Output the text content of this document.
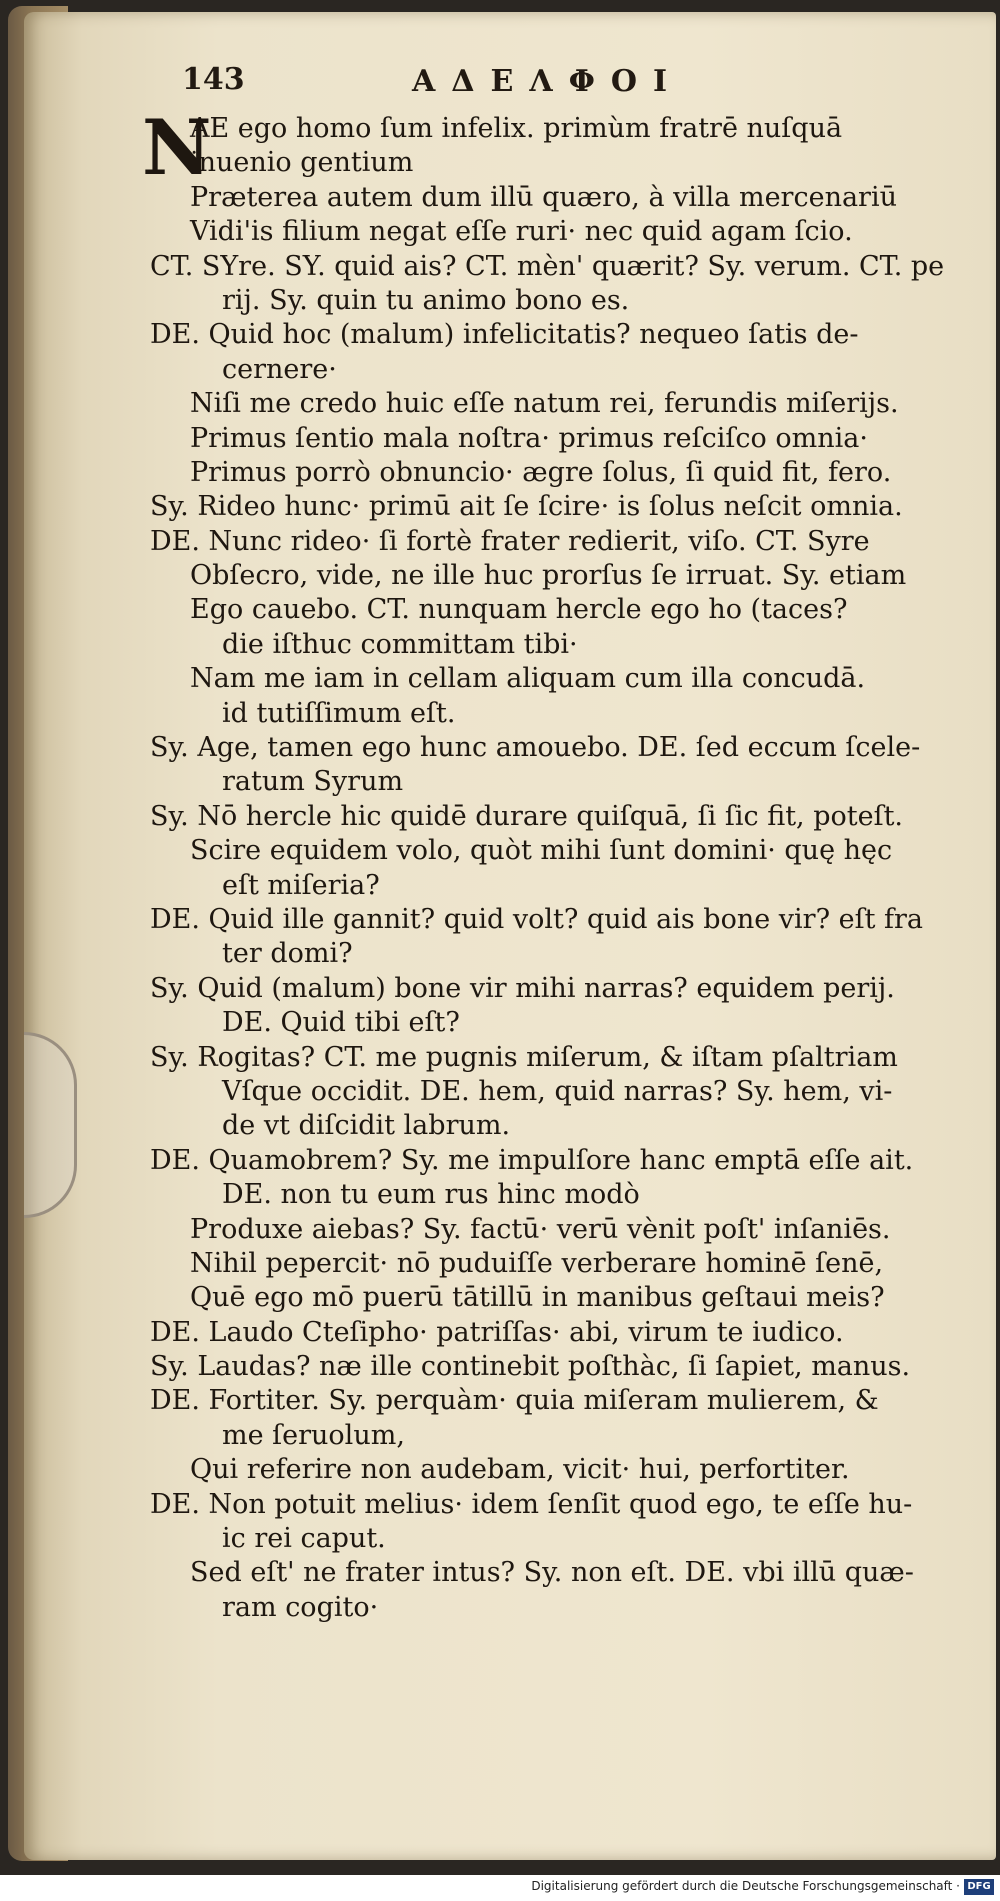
143	ΑΔΕΛΦΟΙ
N
AE ego homo ſum infelix. primùm fratrē nuſquā
inuenio gentium
Præterea autem dum illū quæro, à villa mercenariū
Vidi'is filium negat eſſe ruri· nec quid agam ſcio.
CT. SYre. SY. quid ais? CT. mèn' quærit? Sy. verum. CT. pe
rij. Sy. quin tu animo bono es.
DE. Quid hoc (malum) infelicitatis? nequeo ſatis de-
cernere·
Niſi me credo huic eſſe natum rei, ferundis miſerijs.
Primus ſentio mala noſtra· primus reſciſco omnia·
Primus porrò obnuncio· ægre ſolus, ſi quid fit, fero.
Sy. Rideo hunc· primū ait ſe ſcire· is ſolus neſcit omnia.
DE. Nunc rideo· ſi fortè frater redierit, viſo. CT. Syre
Obſecro, vide, ne ille huc prorſus ſe irruat. Sy. etiam
Ego cauebo. CT. nunquam hercle ego ho (taces?
die iſthuc committam tibi·
Nam me iam in cellam aliquam cum illa concudā.
id tutiſſimum eſt.
Sy. Age, tamen ego hunc amouebo. DE. ſed eccum ſcele-
ratum Syrum
Sy. Nō hercle hic quidē durare quiſquā, ſi ſic fit, poteſt.
Scire equidem volo, quòt mihi ſunt domini· quę hęc
eſt miſeria?
DE. Quid ille gannit? quid volt? quid ais bone vir? eſt fra
ter domi?
Sy. Quid (malum) bone vir mihi narras? equidem perij.
DE. Quid tibi eſt?
Sy. Rogitas? CT. me pugnis miſerum, & iſtam pſaltriam
Vſque occidit. DE. hem, quid narras? Sy. hem, vi-
de vt diſcidit labrum.
DE. Quamobrem? Sy. me impulſore hanc emptā eſſe ait.
DE. non tu eum rus hinc modò
Produxe aiebas? Sy. factū· verū vènit poſt' inſaniēs.
Nihil pepercit· nō puduiſſe verberare hominē ſenē,
Quē ego mō puerū tātillū in manibus geſtaui meis?
DE. Laudo Cteſipho· patriſſas· abi, virum te iudico.
Sy. Laudas? næ ille continebit poſthàc, ſi ſapiet, manus.
DE. Fortiter. Sy. perquàm· quia miſeram mulierem, &
me ſeruolum,
Qui referire non audebam, vicit· hui, perfortiter.
DE. Non potuit melius· idem ſenſit quod ego, te eſſe hu-
ic rei caput.
Sed eſt' ne frater intus? Sy. non eſt. DE. vbi illū quæ-
ram cogito·
Digitalisierung gefördert durch die Deutsche Forschungsgemeinschaft · DFG
